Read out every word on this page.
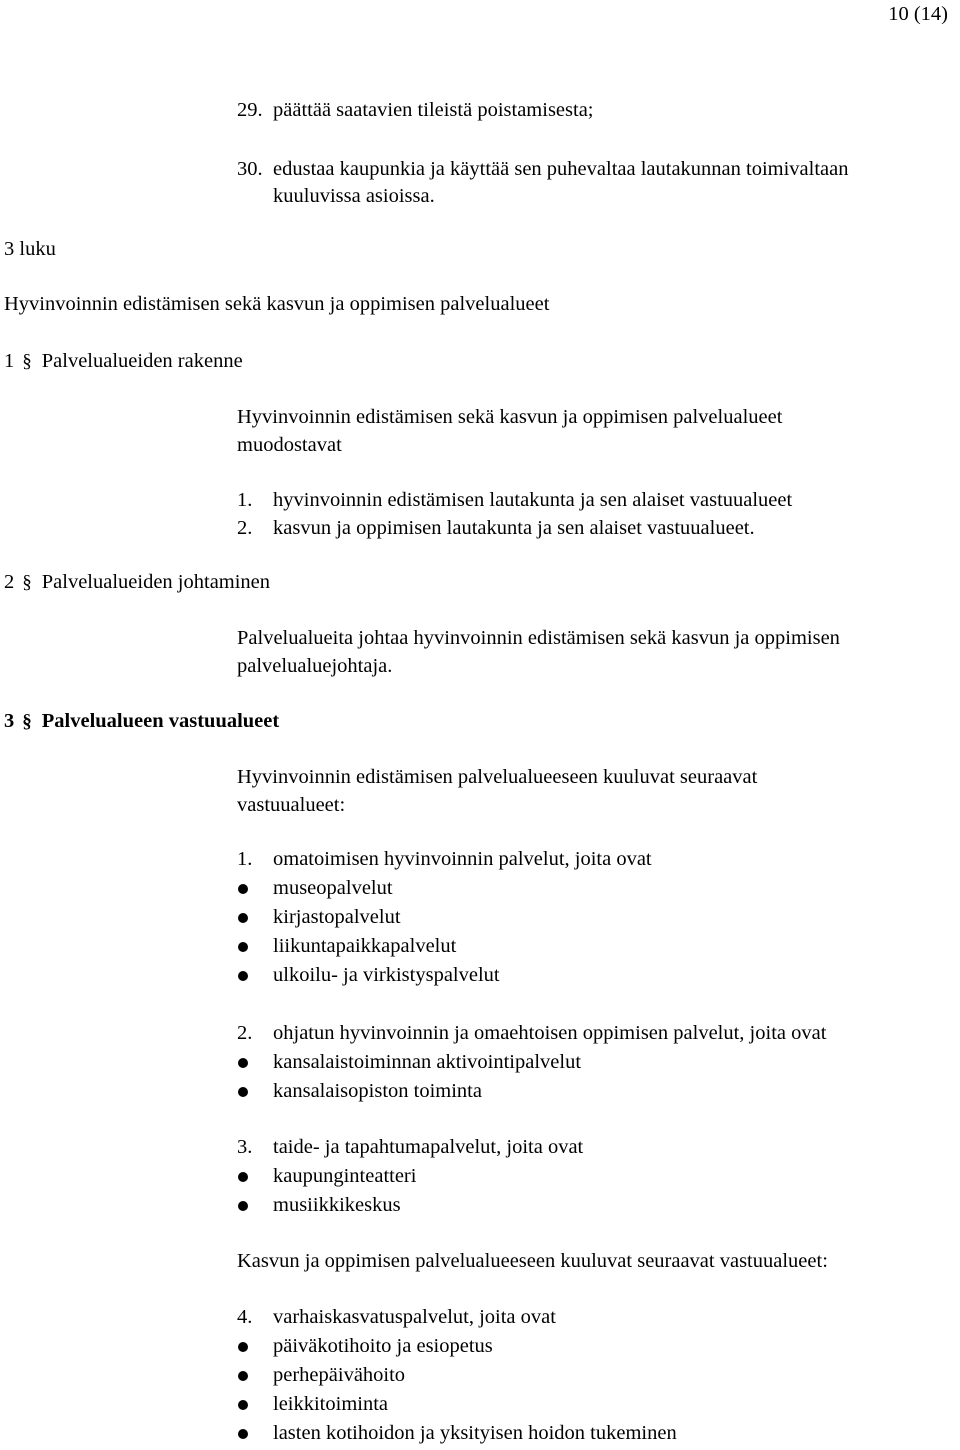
10 (14)
29. päättää saatavien tileistä poistamisesta;
30. edustaa kaupunkia ja käyttää sen puhevaltaa lautakunnan toimivaltaan
kuuluvissa asioissa.
3 luku
Hyvinvoinnin edistämisen sekä kasvun ja oppimisen palvelualueet
1 § Palvelualueiden rakenne
Hyvinvoinnin edistämisen sekä kasvun ja oppimisen palvelualueet
muodostavat
1. hyvinvoinnin edistämisen lautakunta ja sen alaiset vastuualueet
2. kasvun ja oppimisen lautakunta ja sen alaiset vastuualueet.
2 § Palvelualueiden johtaminen
Palvelualueita johtaa hyvinvoinnin edistämisen sekä kasvun ja oppimisen
palvelualuejohtaja.
3 § Palvelualueen vastuualueet
Hyvinvoinnin edistämisen palvelualueeseen kuuluvat seuraavat
vastuualueet:
1. omatoimisen hyvinvoinnin palvelut, joita ovat
museopalvelut
kirjastopalvelut
liikuntapaikkapalvelut
ulkoilu- ja virkistyspalvelut
2. ohjatun hyvinvoinnin ja omaehtoisen oppimisen palvelut, joita ovat
kansalaistoiminnan aktivointipalvelut
kansalaisopiston toiminta
3. taide- ja tapahtumapalvelut, joita ovat
kaupunginteatteri
musiikkikeskus
Kasvun ja oppimisen palvelualueeseen kuuluvat seuraavat vastuualueet:
4. varhaiskasvatuspalvelut, joita ovat
päiväkotihoito ja esiopetus
perhepäivähoito
leikkitoiminta
lasten kotihoidon ja yksityisen hoidon tukeminen
